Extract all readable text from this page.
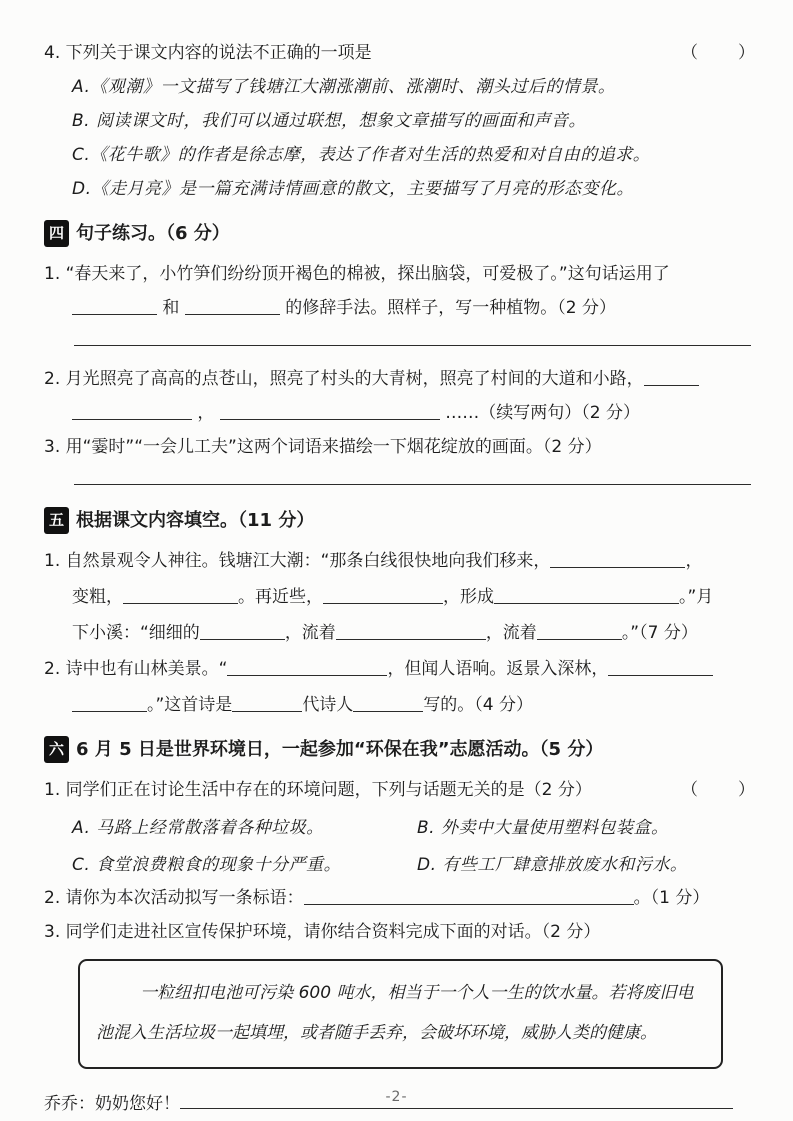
4. 下列关于课文内容的说法不正确的一项是	（　　）
A.《观潮》一文描写了钱塘江大潮涨潮前、涨潮时、潮头过后的情景。
B. 阅读课文时，我们可以通过联想，想象文章描写的画面和声音。
C.《花牛歌》的作者是徐志摩，表达了作者对生活的热爱和对自由的追求。
D.《走月亮》是一篇充满诗情画意的散文，主要描写了月亮的形态变化。
四 句子练习。（6 分）
1. “春天来了，小竹笋们纷纷顶开褐色的棉被，探出脑袋，可爱极了。”这句话运用了
和	的修辞手法。照样子，写一种植物。（2 分）
2. 月光照亮了高高的点苍山，照亮了村头的大青树，照亮了村间的大道和小路，
，	……（续写两句）（2 分）
3. 用“霎时”“一会儿工夫”这两个词语来描绘一下烟花绽放的画面。（2 分）
五 根据课文内容填空。（11 分）
1. 自然景观令人神往。钱塘江大潮：“那条白线很快地向我们移来，	，
变粗，	。再近些，	，形成	。”月
下小溪：“细细的	，流着	，流着	。”（7 分）
2. 诗中也有山林美景。“	，但闻人语响。返景入深林，
。”这首诗是	代诗人	写的。（4 分）
六 6 月 5 日是世界环境日，一起参加“环保在我”志愿活动。（5 分）
1. 同学们正在讨论生活中存在的环境问题，下列与话题无关的是（2 分）	（　　）
A. 马路上经常散落着各种垃圾。	B. 外卖中大量使用塑料包装盒。
C. 食堂浪费粮食的现象十分严重。	D. 有些工厂肆意排放废水和污水。
2. 请你为本次活动拟写一条标语：	。（1 分）
3. 同学们走进社区宣传保护环境，请你结合资料完成下面的对话。（2 分）
一粒纽扣电池可污染 600 吨水，相当于一个人一生的饮水量。若将废旧电池混入生活垃圾一起填埋，或者随手丢弃，会破坏环境，威胁人类的健康。
乔乔：奶奶您好！	-2-
